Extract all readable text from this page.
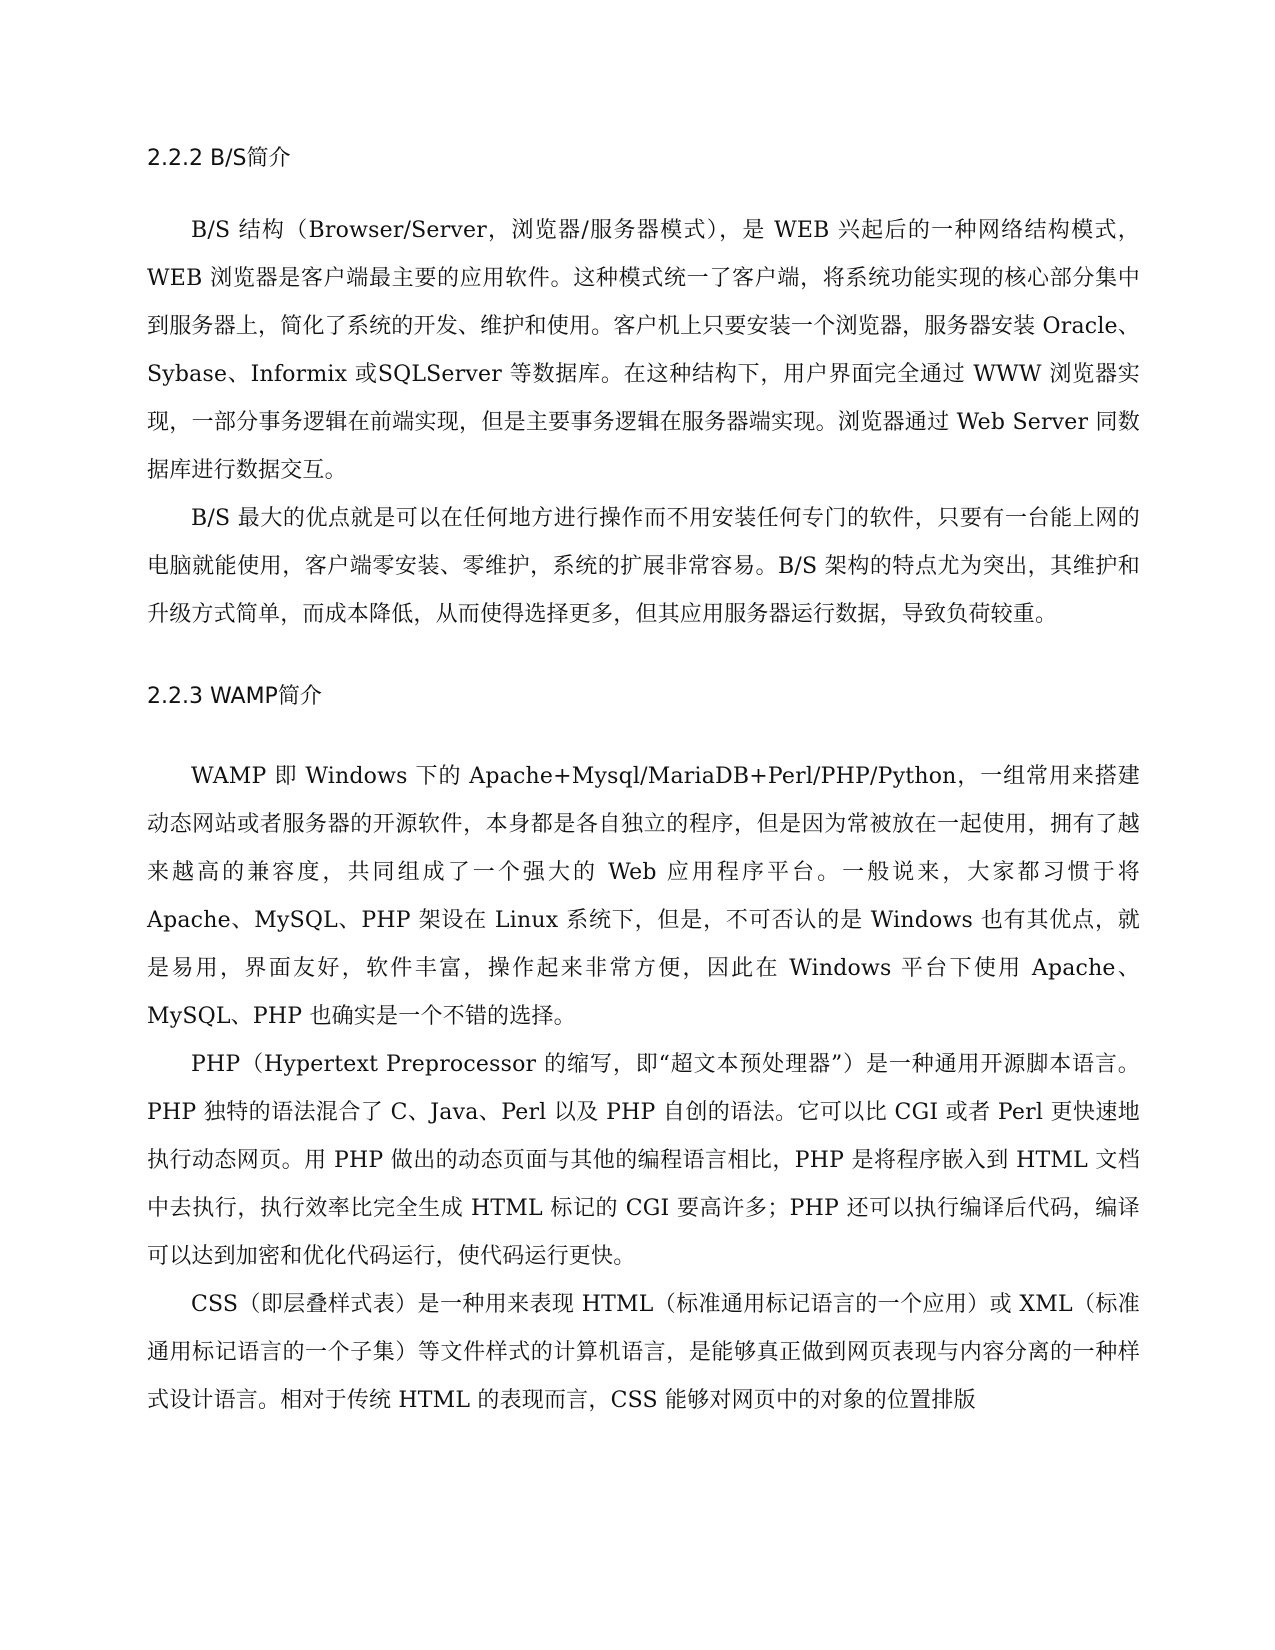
2.2.2 B/S简介

B/S 结构（Browser/Server，浏览器/服务器模式），是 WEB 兴起后的一种网络结构模式，WEB 浏览器是客户端最主要的应用软件。这种模式统一了客户端，将系统功能实现的核心部分集中到服务器上，简化了系统的开发、维护和使用。客户机上只要安装一个浏览器，服务器安装 Oracle、Sybase、Informix 或SQLServer 等数据库。在这种结构下，用户界面完全通过 WWW 浏览器实现，一部分事务逻辑在前端实现，但是主要事务逻辑在服务器端实现。浏览器通过 Web Server 同数据库进行数据交互。

B/S 最大的优点就是可以在任何地方进行操作而不用安装任何专门的软件，只要有一台能上网的电脑就能使用，客户端零安装、零维护，系统的扩展非常容易。B/S 架构的特点尤为突出，其维护和升级方式简单，而成本降低，从而使得选择更多，但其应用服务器运行数据，导致负荷较重。

2.2.3 WAMP简介

WAMP 即 Windows 下的 Apache+Mysql/MariaDB+Perl/PHP/Python，一组常用来搭建动态网站或者服务器的开源软件，本身都是各自独立的程序，但是因为常被放在一起使用，拥有了越来越高的兼容度，共同组成了一个强大的 Web 应用程序平台。一般说来，大家都习惯于将 Apache、MySQL、PHP 架设在 Linux 系统下，但是，不可否认的是 Windows 也有其优点，就是易用，界面友好，软件丰富，操作起来非常方便，因此在 Windows 平台下使用 Apache、MySQL、PHP 也确实是一个不错的选择。

PHP（Hypertext Preprocessor 的缩写，即“超文本预处理器”）是一种通用开源脚本语言。PHP 独特的语法混合了 C、Java、Perl 以及 PHP 自创的语法。它可以比 CGI 或者 Perl 更快速地执行动态网页。用 PHP 做出的动态页面与其他的编程语言相比，PHP 是将程序嵌入到 HTML 文档中去执行，执行效率比完全生成 HTML 标记的 CGI 要高许多；PHP 还可以执行编译后代码，编译可以达到加密和优化代码运行，使代码运行更快。

CSS（即层叠样式表）是一种用来表现 HTML（标准通用标记语言的一个应用）或 XML（标准通用标记语言的一个子集）等文件样式的计算机语言，是能够真正做到网页表现与内容分离的一种样式设计语言。相对于传统 HTML 的表现而言，CSS 能够对网页中的对象的位置排版
